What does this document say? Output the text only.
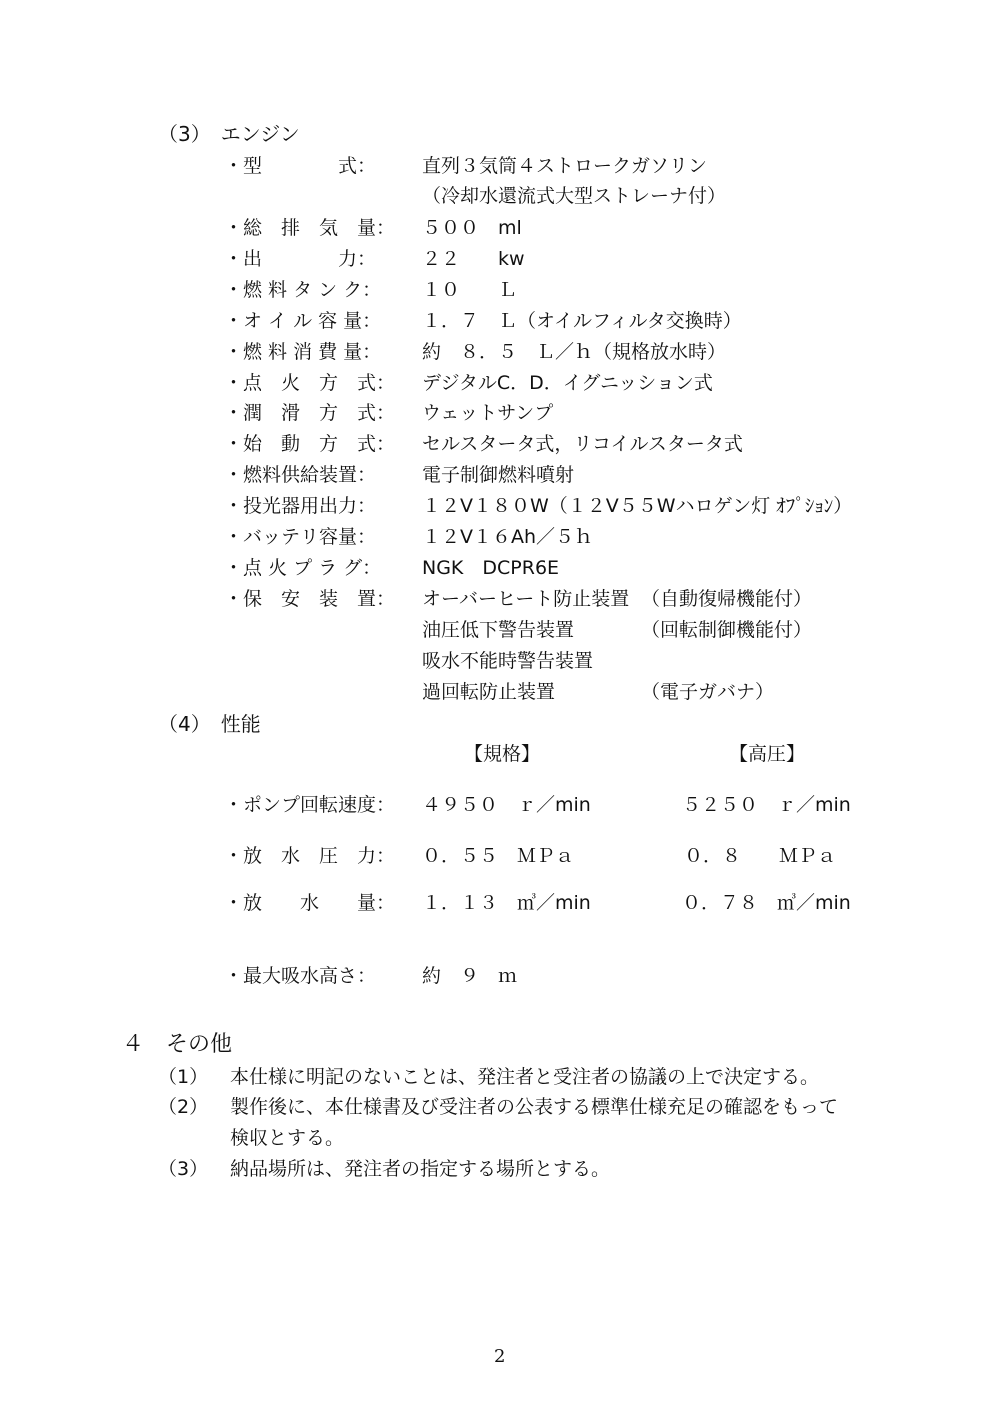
（3）　エンジン
・型　　　　式：	直列３気筒４ストロークガソリン
（冷却水還流式大型ストレーナ付）
・総　排　気　量： ５００　ml
・出　　　　力：	２２　　kw
・燃 料 タ ン ク：	１０　　Ｌ
・オ イ ル 容 量：	１．７　Ｌ（オイルフィルタ交換時）
・燃 料 消 費 量：	約　８．５　Ｌ／ｈ（規格放水時）
・点　火　方　式： デジタルC．D．イグニッション式
・潤　滑　方　式： ウェットサンプ
・始　動　方　式： セルスタータ式，リコイルスタータ式
・燃料供給装置：	電子制御燃料噴射
・投光器用出力：	１２V１８０W（１２V５５Wハロゲン灯 ｵﾌﾟｼｮﾝ）
・バッテリ容量：	１２V１６Ah／５ｈ
・点 火 プ ラ グ：	NGK　DCPR6E
・保　安　装　置： オーバーヒート防止装置 （自動復帰機能付）
油圧低下警告装置	（回転制御機能付）
吸水不能時警告装置
過回転防止装置	（電子ガバナ）
（4）　性能
【規格】	【高圧】
・ポンプ回転速度： ４９５０　ｒ／min	５２５０　ｒ／min
・放　水　圧　力： ０．５５　ＭＰａ	０．８　　ＭＰａ
・放　　水　　量： １．１３　㎥／min	０．７８　㎥／min
・最大吸水高さ：	約　９　ｍ
４　その他
（1） 本仕様に明記のないことは、発注者と受注者の協議の上で決定する。
（2） 製作後に、本仕様書及び受注者の公表する標準仕様充足の確認をもって
検収とする。
（3） 納品場所は、発注者の指定する場所とする。
2
